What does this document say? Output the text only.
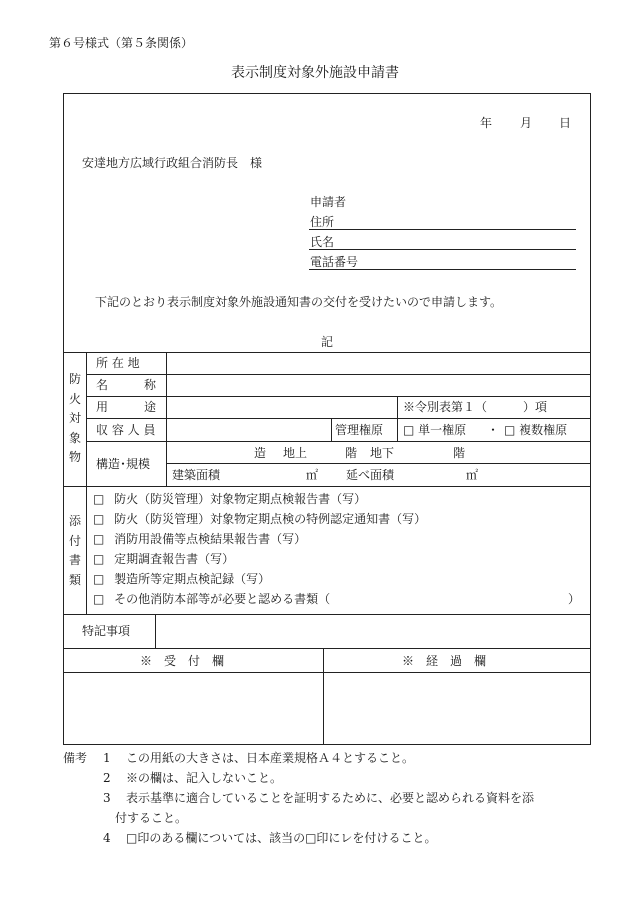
第６号様式（第５条関係）
表示制度対象外施設申請書
年 月 日
安達地方広域行政組合消防長　様
申請者
住所
氏名
電話番号
下記のとおり表示制度対象外施設通知書の交付を受けたいので申請します。
記
防
火
対
象
物
所 在 地
名　　　称
用　　　途	※令別表第１（　　　）項
収 容 人 員	管理権原 □ 単一権原 ・ □ 複数権原
構造･規模
造 地上	階 地下	階
建築面積	㎡ 延べ面積	㎡
添
付
書
類
□ 防火（防災管理）対象物定期点検報告書（写）
□ 防火（防災管理）対象物定期点検の特例認定通知書（写）
□ 消防用設備等点検結果報告書（写）
□ 定期調査報告書（写）
□ 製造所等定期点検記録（写）
□ その他消防本部等が必要と認める書類（	）
特記事項
※　受　付　欄	※　経　過　欄
備考 1 この用紙の大きさは、日本産業規格Ａ４とすること。
2 ※の欄は、記入しないこと。
3 表示基準に適合していることを証明するために、必要と認められる資料を添
付すること。
4 □印のある欄については、該当の□印にレを付けること。
